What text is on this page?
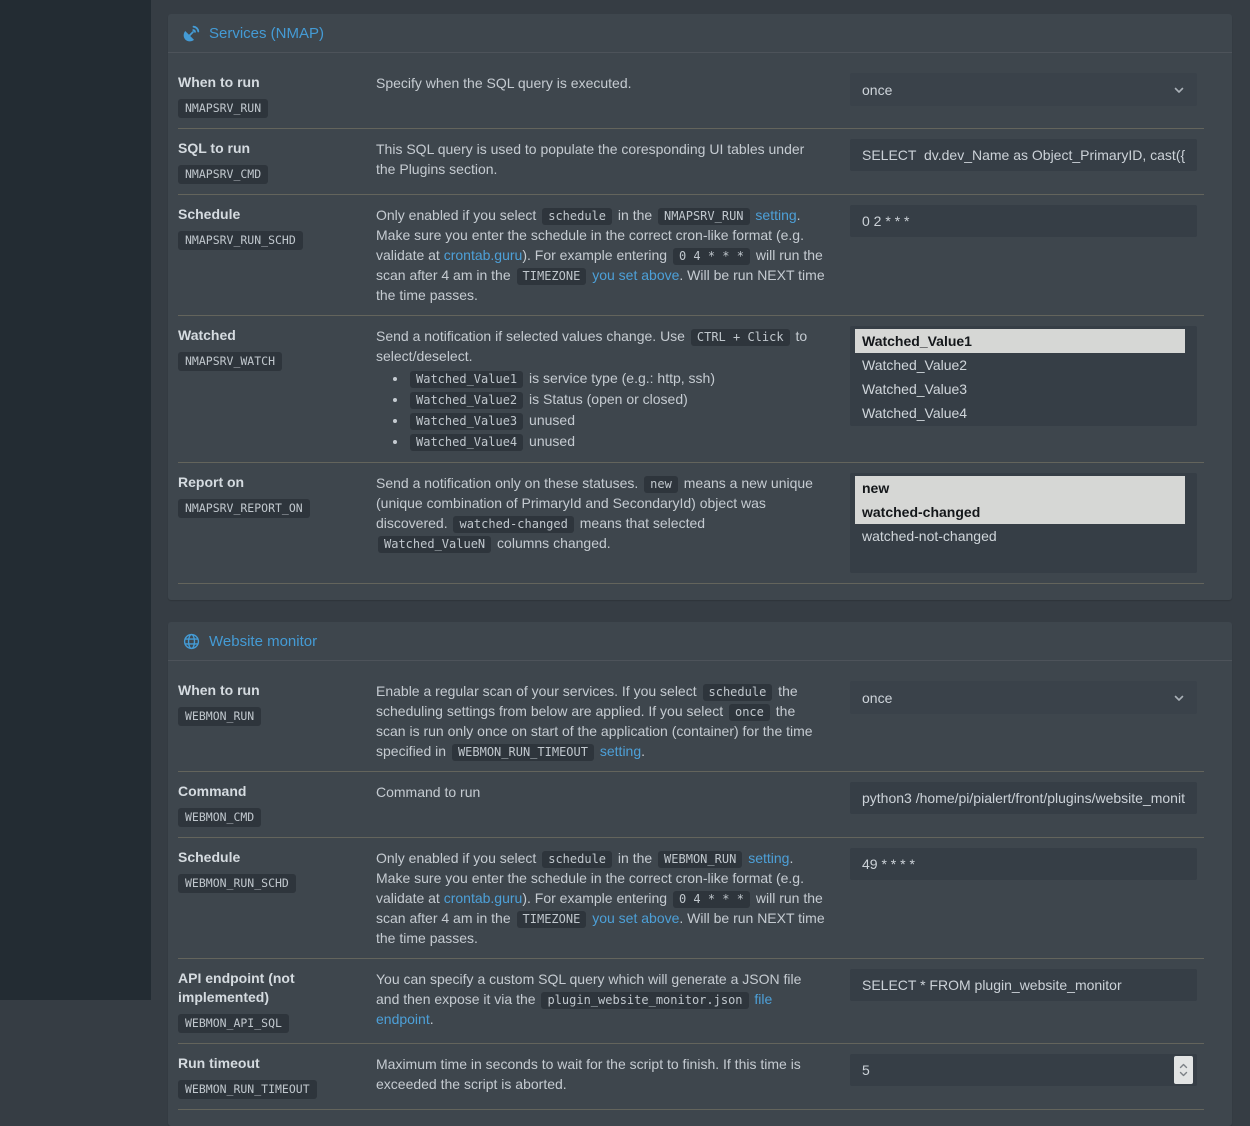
Services (NMAP)
When to run
NMAPSRV_RUN
Specify when the SQL query is executed.	once
SQL to run
NMAPSRV_CMD
This SQL query is used to populate the coresponding UI tables under the Plugins section.
SELECT dv.dev_Name as Object_PrimaryID, cast({s-quo
Schedule
NMAPSRV_RUN_SCHD
Only enabled if you select schedule in the NMAPSRV_RUN setting. Make sure you enter the schedule in the correct cron-like format (e.g. validate at crontab.guru). For example entering 0 4 * * * will run the scan after 4 am in the TIMEZONE you set above. Will be run NEXT time the time passes.
0 2 * * *
Watched
NMAPSRV_WATCH
Send a notification if selected values change. Use CTRL + Click to select/deselect.
• Watched_Value1 is service type (e.g.: http, ssh)
• Watched_Value2 is Status (open or closed)
• Watched_Value3 unused
• Watched_Value4 unused
Watched_Value1
Watched_Value2
Watched_Value3
Watched_Value4
Report on
NMAPSRV_REPORT_ON
Send a notification only on these statuses. new means a new unique (unique combination of PrimaryId and SecondaryId) object was discovered. watched-changed means that selected Watched_ValueN columns changed.
new
watched-changed
watched-not-changed
Website monitor
When to run
WEBMON_RUN
Enable a regular scan of your services. If you select schedule the scheduling settings from below are applied. If you select once the scan is run only once on start of the application (container) for the time specified in WEBMON_RUN_TIMEOUT setting.
once
Command
WEBMON_CMD
Command to run
python3 /home/pi/pialert/front/plugins/website_monit
Schedule
WEBMON_RUN_SCHD
Only enabled if you select schedule in the WEBMON_RUN setting. Make sure you enter the schedule in the correct cron-like format (e.g. validate at crontab.guru). For example entering 0 4 * * * will run the scan after 4 am in the TIMEZONE you set above. Will be run NEXT time the time passes.
49 * * * *
API endpoint (not implemented)
WEBMON_API_SQL
You can specify a custom SQL query which will generate a JSON file and then expose it via the plugin_website_monitor.json file endpoint.
SELECT * FROM plugin_website_monitor
Run timeout
WEBMON_RUN_TIMEOUT
Maximum time in seconds to wait for the script to finish. If this time is exceeded the script is aborted.
5
